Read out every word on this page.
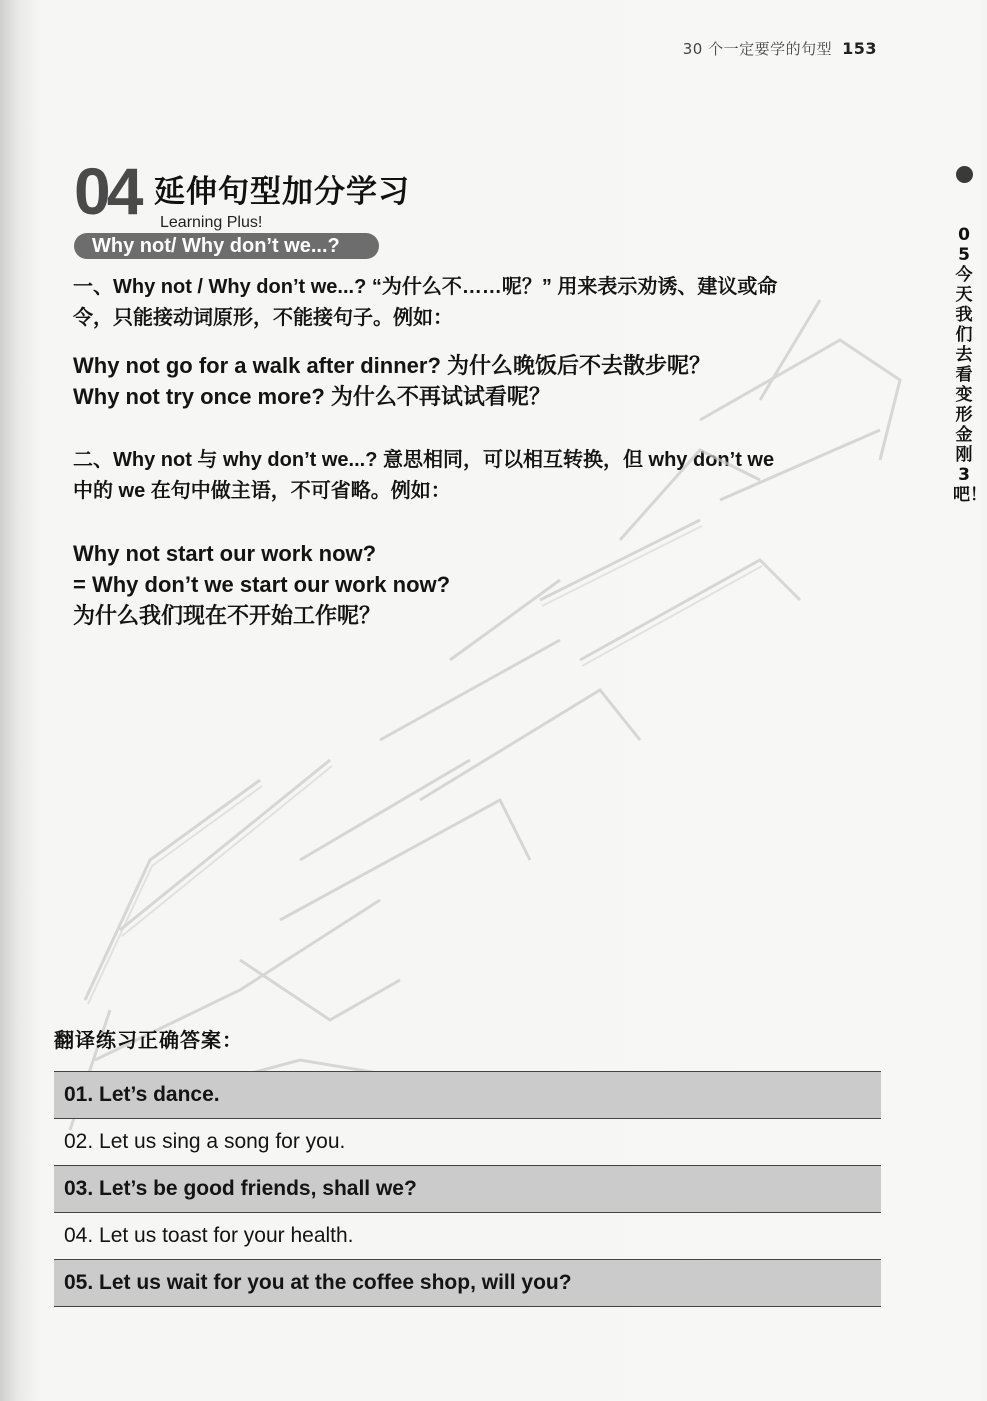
30 个一定要学的句型 153
05今天我们去看变形金刚3吧！
04 延伸句型加分学习
Learning Plus!
Why not/ Why don’t we...?
一、Why not / Why don’t we...? “为什么不……呢？” 用来表示劝诱、建议或命
令，只能接动词原形，不能接句子。例如：
Why not go for a walk after dinner? 为什么晚饭后不去散步呢？
Why not try once more? 为什么不再试试看呢？
二、Why not 与 why don’t we...? 意思相同，可以相互转换，但 why don’t we
中的 we 在句中做主语，不可省略。例如：
Why not start our work now?
= Why don’t we start our work now?
为什么我们现在不开始工作呢？
翻译练习正确答案：
01. Let’s dance.
02. Let us sing a song for you.
03. Let’s be good friends, shall we?
04. Let us toast for your health.
05. Let us wait for you at the coffee shop, will you?
